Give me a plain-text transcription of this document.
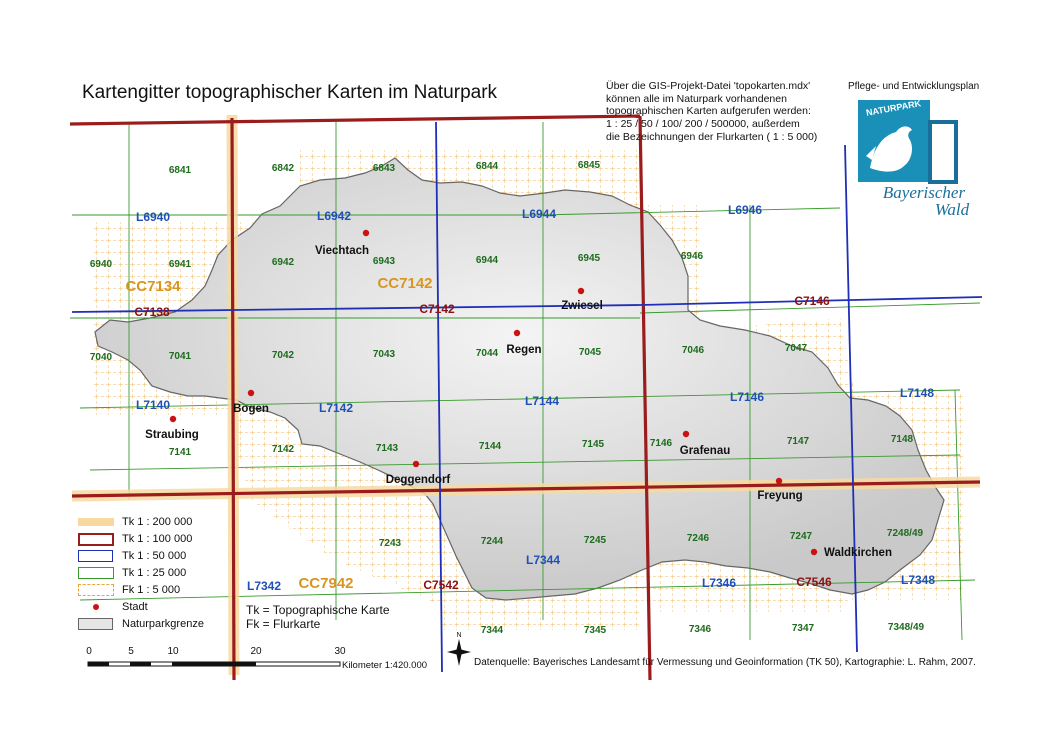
6841	6842	6843	6844	6845
6940	6941	6942	6943	6944	6945	6946
7040	7041	7042	7043	7044	7045	7046	7047
7141	7142	7143	7144	7145	7146	7147	7148
7243	7244	7245	7246	7247	7248/49
7344	7345	7346	7347	7348/49
L6940	L6942	L6944	L6946
L7140	L7142	L7144	L7146	L7148
L7342
L7344
L7346	L7348
C7138	C7142
C7146
C7542	C7546
CC7134	CC7142
CC7942
Viechtach
Zwiesel
Regen
Bogen
Straubing
Deggendorf
Grafenau
Freyung
Waldkirchen
Kartengitter topographischer Karten im Naturpark	Über die GIS-Projekt-Datei 'topokarten.mdx'
können alle im Naturpark vorhandenen
topographischen Karten aufgerufen werden:
1 : 25 / 50 / 100/ 200 / 500000, außerdem
die Bezeichnungen der Flurkarten ( 1 : 5 000)
Pflege- und Entwicklungsplan
NATURPARK
Bayerischer
Wald
Tk 1 : 200 000
Tk 1 : 100 000
Tk 1 : 50 000
Tk 1 : 25 000
Fk 1 : 5 000
Stadt
Naturparkgrenze
Tk = Topographische Karte
Fk = Flurkarte
0	5	10	20	30
Kilometer 1:420.000
N
Datenquelle: Bayerisches Landesamt für Vermessung und Geoinformation (TK 50), Kartographie: L. Rahm, 2007.
